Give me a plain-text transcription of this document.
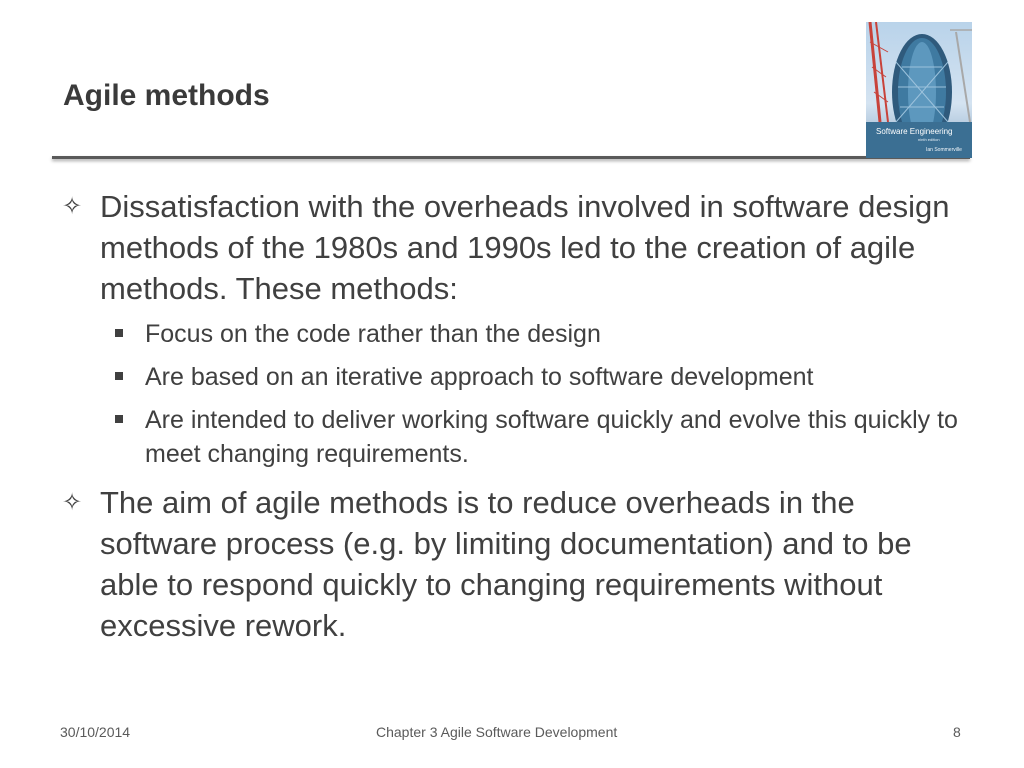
Agile methods
Software Engineering
ninth edition
Ian Sommerville

✧ Dissatisfaction with the overheads involved in software design methods of the 1980s and 1990s led to the creation of agile methods. These methods:

Focus on the code rather than the design

Are based on an iterative approach to software development

Are intended to deliver working software quickly and evolve this quickly to meet changing requirements.

✧ The aim of agile methods is to reduce overheads in the software process (e.g. by limiting documentation) and to be able to respond quickly to changing requirements without excessive rework.

30/10/2014	Chapter 3 Agile Software Development	8
